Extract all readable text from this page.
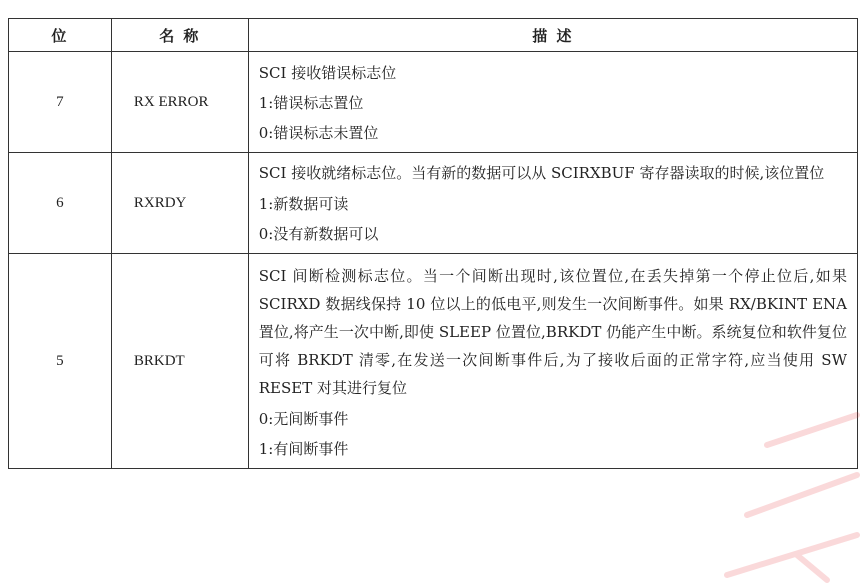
位	名 称	描 述
7	RX ERROR	SCI 接收错误标志位
1:错误标志置位
0:错误标志未置位

6	RXRDY	SCI 接收就绪标志位。当有新的数据可以从 SCIRXBUF 寄存器读取的时候,该位置位
1:新数据可读
0:没有新数据可以

5	BRKDT	SCI 间断检测标志位。当一个间断出现时,该位置位,在丢失掉第一个停止位后,如果 SCIRXD 数据线保持 10 位以上的低电平,则发生一次间断事件。如果 RX/BKINT ENA 置位,将产生一次中断,即使 SLEEP 位置位,BRKDT 仍能产生中断。系统复位和软件复位可将 BRKDT 清零,在发送一次间断事件后,为了接收后面的正常字符,应当使用 SW RESET 对其进行复位
0:无间断事件
1:有间断事件
